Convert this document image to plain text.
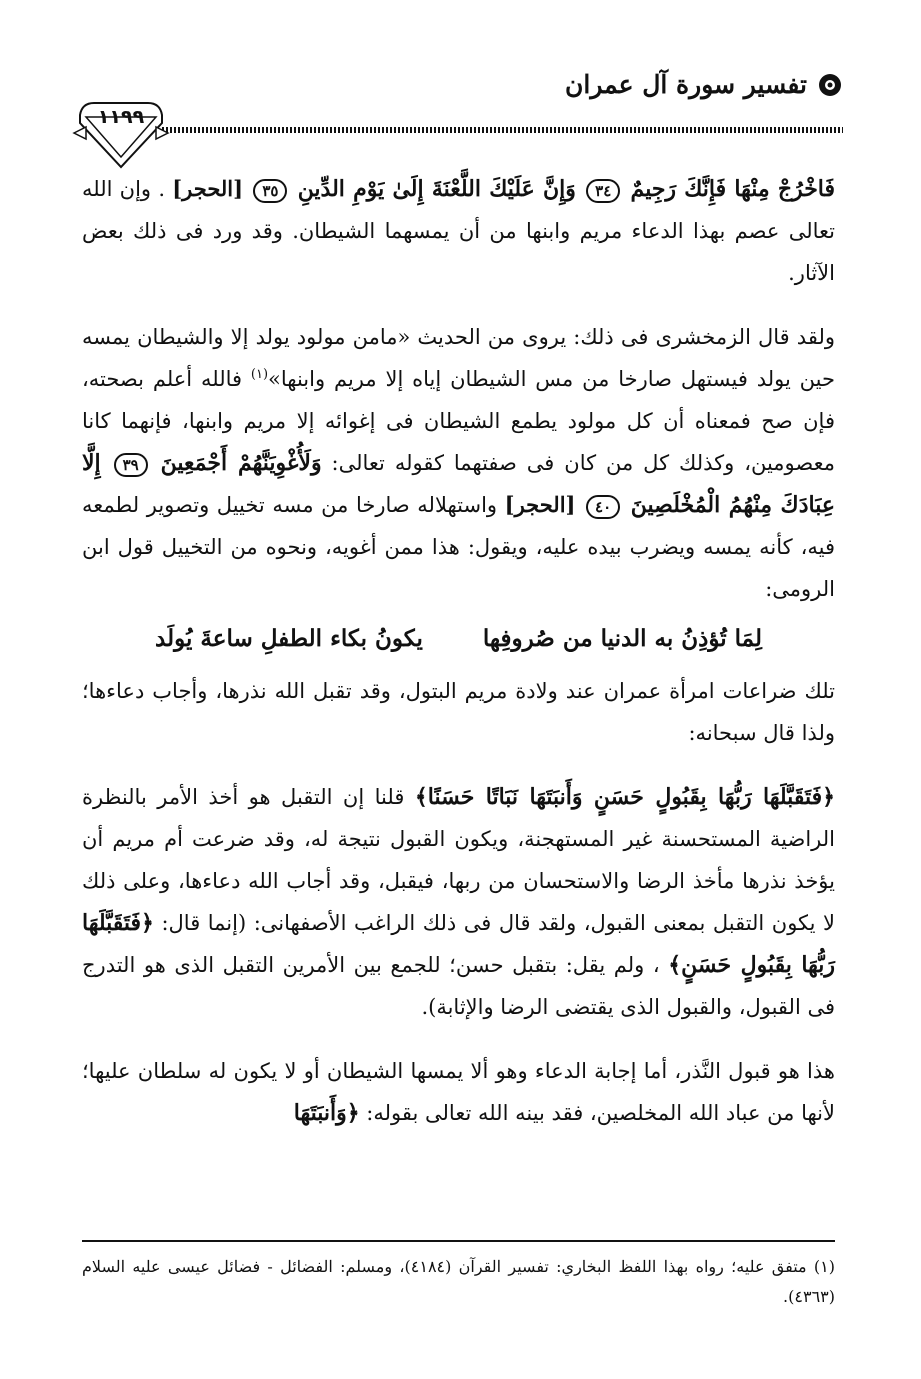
تفسير سورة آل عمران
١١٩٩

فَاخْرُجْ مِنْهَا فَإِنَّكَ رَجِيمٌ ٣٤ وَإِنَّ عَلَيْكَ اللَّعْنَةَ إِلَىٰ يَوْمِ الدِّينِ ٣٥ [الحجر] . وإن الله تعالى عصم بهذا الدعاء مريم وابنها من أن يمسهما الشيطان. وقد ورد فى ذلك بعض الآثار.

ولقد قال الزمخشرى فى ذلك: يروى من الحديث «مامن مولود يولد إلا والشيطان يمسه حين يولد فيستهل صارخا من مس الشيطان إياه إلا مريم وابنها»$^{(١)}$ فالله أعلم بصحته، فإن صح فمعناه أن كل مولود يطمع الشيطان فى إغوائه إلا مريم وابنها، فإنهما كانا معصومين، وكذلك كل من كان فى صفتهما كقوله تعالى: وَلَأُغْوِيَنَّهُمْ أَجْمَعِينَ ٣٩ إِلَّا عِبَادَكَ مِنْهُمُ الْمُخْلَصِينَ ٤٠ [الحجر] واستهلاله صارخا من مسه تخييل وتصوير لطمعه فيه، كأنه يمسه ويضرب بيده عليه، ويقول: هذا ممن أغويه، ونحوه من التخييل قول ابن الرومى:

لِمَا تُؤذِنُ به الدنيا من صُروفِها
يكونُ بكاء الطفلِ ساعةَ يُولَد

تلك ضراعات امرأة عمران عند ولادة مريم البتول، وقد تقبل الله نذرها، وأجاب دعاءها؛ ولذا قال سبحانه:

﴿فَتَقَبَّلَهَا رَبُّهَا بِقَبُولٍ حَسَنٍ وَأَنبَتَهَا نَبَاتًا حَسَنًا﴾ قلنا إن التقبل هو أخذ الأمر بالنظرة الراضية المستحسنة غير المستهجنة، ويكون القبول نتيجة له، وقد ضرعت أم مريم أن يؤخذ نذرها مأخذ الرضا والاستحسان من ربها، فيقبل، وقد أجاب الله دعاءها، وعلى ذلك لا يكون التقبل بمعنى القبول، ولقد قال فى ذلك الراغب الأصفهانى: (إنما قال: ﴿فَتَقَبَّلَهَا رَبُّهَا بِقَبُولٍ حَسَنٍ﴾ ، ولم يقل: بتقبل حسن؛ للجمع بين الأمرين التقبل الذى هو التدرج فى القبول، والقبول الذى يقتضى الرضا والإثابة).

هذا هو قبول النَّذر، أما إجابة الدعاء وهو ألا يمسها الشيطان أو لا يكون له سلطان عليها؛ لأنها من عباد الله المخلصين، فقد بينه الله تعالى بقوله: ﴿وَأَنبَتَهَا

(١) متفق عليه؛ رواه بهذا اللفظ البخاري: تفسير القرآن (٤١٨٤)، ومسلم: الفضائل - فضائل عيسى عليه السلام (٤٣٦٣).
